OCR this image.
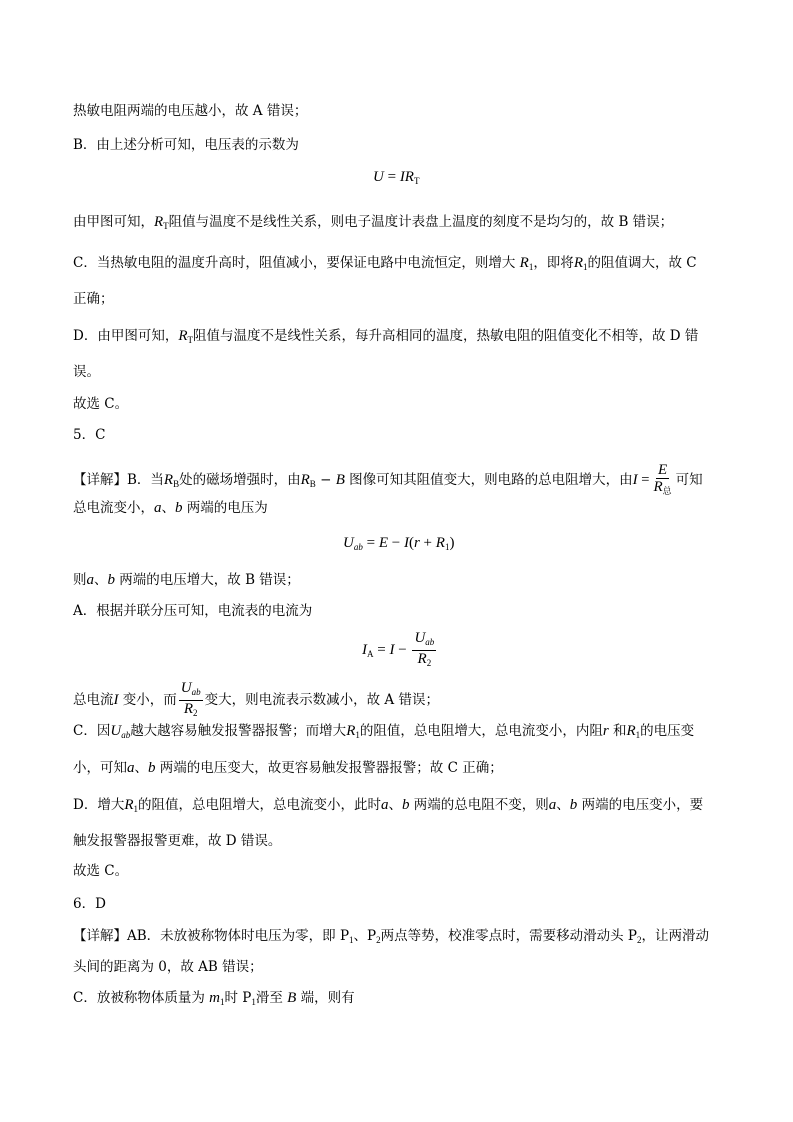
热敏电阻两端的电压越小，故 A 错误；
B．由上述分析可知，电压表的示数为
$U = IR_T$
由甲图可知，$R_T$阻值与温度不是线性关系，则电子温度计表盘上温度的刻度不是均匀的，故 B 错误；
C．当热敏电阻的温度升高时，阻值减小，要保证电路中电流恒定，则增大 $R_1$，即将$R_1$的阻值调大，故 C
正确；
D．由甲图可知，$R_T$阻值与温度不是线性关系，每升高相同的温度，热敏电阻的阻值变化不相等，故 D 错
误。
故选 C。
5．C
【详解】B．当$R_B$处的磁场增强时，由$R_B - B$ 图像可知其阻值变大，则电路的总电阻增大，由$I = \frac{E}{R_总}$ 可知
总电流变小，a、b 两端的电压为
$U_{ab} = E - I(r + R_1)$
则a、b 两端的电压增大，故 B 错误；
A．根据并联分压可知，电流表的电流为
$I_A = I - \frac{U_{ab}}{R_2}$
总电流I 变小，而 $\frac{U_{ab}}{R_2}$ 变大，则电流表示数减小，故 A 错误；
C．因$U_{ab}$越大越容易触发报警器报警；而增大$R_1$的阻值，总电阻增大，总电流变小，内阻r 和$R_1$的电压变
小，可知a、b 两端的电压变大，故更容易触发报警器报警；故 C 正确；
D．增大$R_1$的阻值，总电阻增大，总电流变小，此时a、b 两端的总电阻不变，则a、b 两端的电压变小，要
触发报警器报警更难，故 D 错误。
故选 C。
6．D
【详解】AB．未放被称物体时电压为零，即 $P_1$、$P_2$两点等势，校准零点时，需要移动滑动头 $P_2$，让两滑动
头间的距离为 0，故 AB 错误；
C．放被称物体质量为 $m_1$时 $P_1$滑至 B 端，则有
